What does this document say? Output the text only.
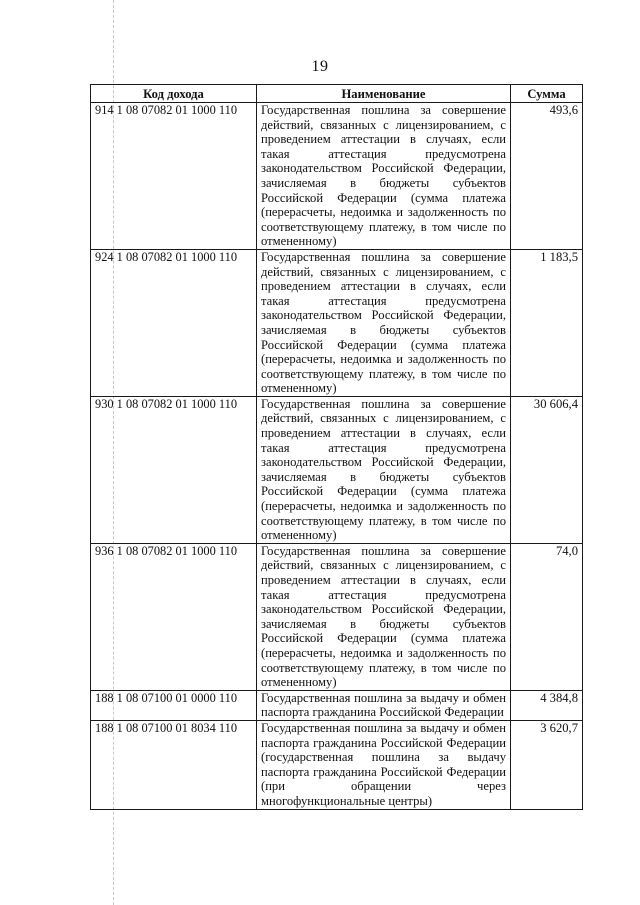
19
Код дохода	Наименование	Сумма
914 1 08 07082 01 1000 110	Государственная пошлина за совершение действий, связанных с лицензированием, с проведением аттестации в случаях, если такая аттестация предусмотрена законодательством Российской Федерации, зачисляемая в бюджеты субъектов Российской Федерации (сумма платежа (перерасчеты, недоимка и задолженность по соответствующему платежу, в том числе по отмененному)	493,6
924 1 08 07082 01 1000 110	Государственная пошлина за совершение действий, связанных с лицензированием, с проведением аттестации в случаях, если такая аттестация предусмотрена законодательством Российской Федерации, зачисляемая в бюджеты субъектов Российской Федерации (сумма платежа (перерасчеты, недоимка и задолженность по соответствующему платежу, в том числе по отмененному)	1 183,5
930 1 08 07082 01 1000 110	Государственная пошлина за совершение действий, связанных с лицензированием, с проведением аттестации в случаях, если такая аттестация предусмотрена законодательством Российской Федерации, зачисляемая в бюджеты субъектов Российской Федерации (сумма платежа (перерасчеты, недоимка и задолженность по соответствующему платежу, в том числе по отмененному)	30 606,4
936 1 08 07082 01 1000 110	Государственная пошлина за совершение действий, связанных с лицензированием, с проведением аттестации в случаях, если такая аттестация предусмотрена законодательством Российской Федерации, зачисляемая в бюджеты субъектов Российской Федерации (сумма платежа (перерасчеты, недоимка и задолженность по соответствующему платежу, в том числе по отмененному)	74,0
188 1 08 07100 01 0000 110	Государственная пошлина за выдачу и обмен паспорта гражданина Российской Федерации	4 384,8
188 1 08 07100 01 8034 110	Государственная пошлина за выдачу и обмен паспорта гражданина Российской Федерации (государственная пошлина за выдачу паспорта гражданина Российской Федерации (при обращении через многофункциональные центры)	3 620,7
